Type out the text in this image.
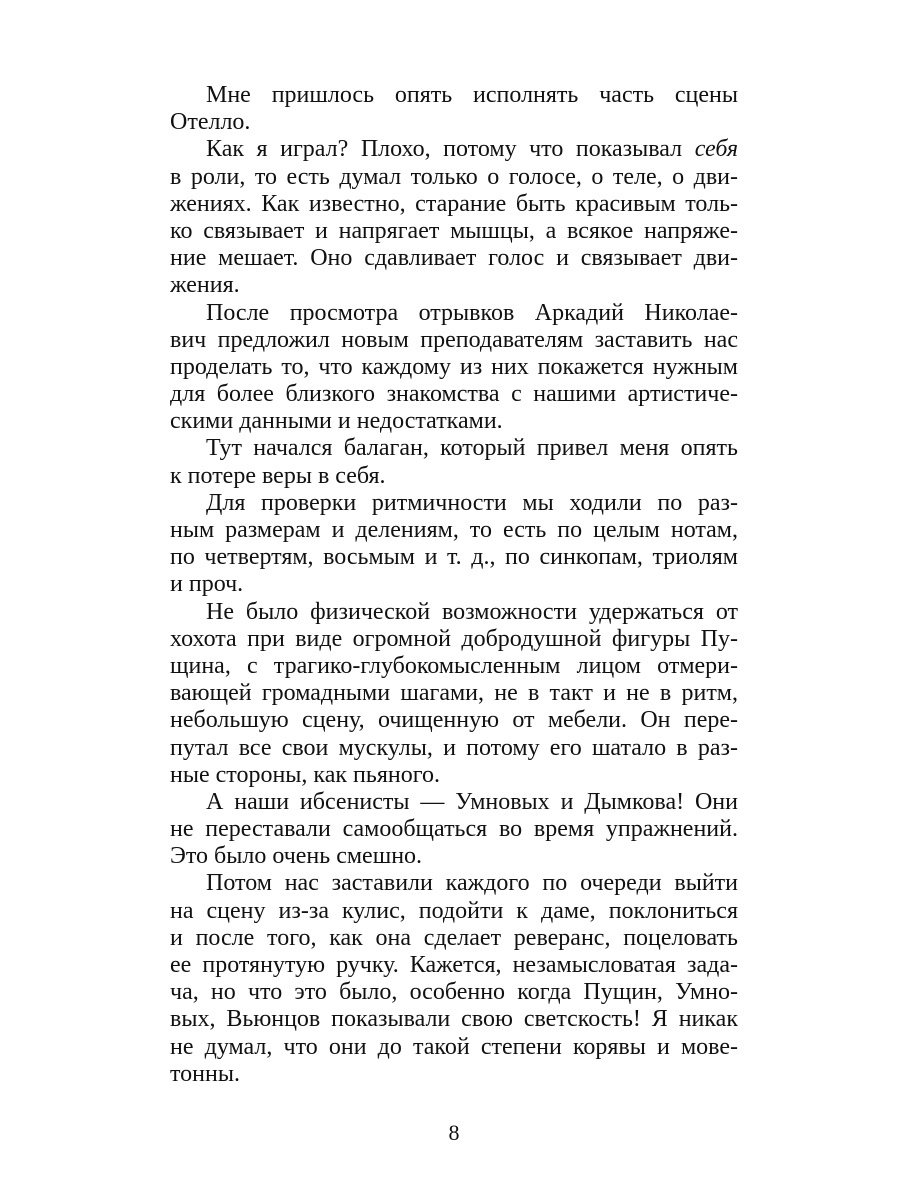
Мне пришлось опять исполнять часть сцены
Отелло.
Как я играл? Плохо, потому что показывал себя
в роли, то есть думал только о голосе, о теле, о дви-
жениях. Как известно, старание быть красивым толь-
ко связывает и напрягает мышцы, а всякое напряже-
ние мешает. Оно сдавливает голос и связывает дви-
жения.
После просмотра отрывков Аркадий Николае-
вич предложил новым преподавателям заставить нас
проделать то, что каждому из них покажется нужным
для более близкого знакомства с нашими артистиче-
скими данными и недостатками.
Тут начался балаган, который привел меня опять
к потере веры в себя.
Для проверки ритмичности мы ходили по раз-
ным размерам и делениям, то есть по целым нотам,
по четвертям, восьмым и т. д., по синкопам, триолям
и проч.
Не было физической возможности удержаться от
хохота при виде огромной добродушной фигуры Пу-
щина, с трагико-глубокомысленным лицом отмери-
вающей громадными шагами, не в такт и не в ритм,
небольшую сцену, очищенную от мебели. Он пере-
путал все свои мускулы, и потому его шатало в раз-
ные стороны, как пьяного.
А наши ибсенисты — Умновых и Дымкова! Они
не переставали самообщаться во время упражнений.
Это было очень смешно.
Потом нас заставили каждого по очереди выйти
на сцену из-за кулис, подойти к даме, поклониться
и после того, как она сделает реверанс, поцеловать
ее протянутую ручку. Кажется, незамысловатая зада-
ча, но что это было, особенно когда Пущин, Умно-
вых, Вьюнцов показывали свою светскость! Я никак
не думал, что они до такой степени корявы и мове-
тонны.
8
